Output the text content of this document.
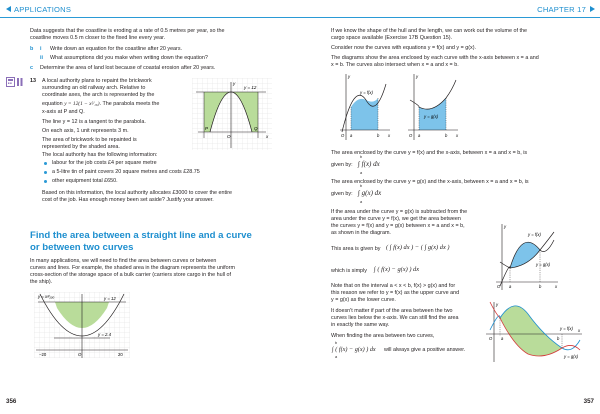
APPLICATIONS	CHAPTER 17

Data suggests that the coastline is eroding at a rate of 0.5 metres per year, so the

coastline moves 0.5 m closer to the fixed line every year.

b i Write down an equation for the coastline after 20 years.

ii What assumptions did you make when writing down the equation?

c Determine the area of land lost because of coastal erosion after 20 years.

13 A local authority plans to repaint the brickwork

surrounding an old railway arch. Relative to

coordinate axes, the arch is represented by the

equation y = 12(1 − x²⁄₁₆). The parabola meets the

x-axis at P and Q.

The line y = 12 is a tangent to the parabola.

On each axis, 1 unit represents 3 m.

The area of brickwork to be repainted is

represented by the shaded area.

The local authority has the following information:

labour for the job costs £4 per square metre

a 5-litre tin of paint covers 20 square metres and costs £28.75

other equipment total £650.

Based on this information, the local authority allocates £3000 to cover the entire

cost of the job. Has enough money been set aside? Justify your answer.

y = 12
P	Q
O	x
y
Find the area between a straight line and a curve
or between two curves

In many applications, we will need to find the area between curves or between

curves and lines. For example, the shaded area in the diagram represents the uniform

cross-section of the storage space of a bulk carrier (carriers store cargo in the hull of

the ship).

y = x²⁄₁₀₀	y = 12
y = 2.4
−20	20
O
356

If we know the shape of the hull and the length, we can work out the volume of the

cargo space available (Exercise 17B Question 15).

Consider now the curves with equations y = f(x) and y = g(x).

The diagrams show the area enclosed by each curve with the x-axis between x = a and

x = b. The curves also intersect when x = a and x = b.

y = f(x)
a	b
O	x
y
y = g(x)
a	b
O	x
y

The area enclosed by the curve y = f(x) and the x-axis, between x = a and x = b, is

given by:

b
∫ f(x) dx
a

The area enclosed by the curve y = g(x) and the x-axis, between x = a and x = b, is

given by:

b
∫ g(x) dx
a

If the area under the curve y = g(x) is subtracted from the

area under the curve y = f(x), we get the area between

the curves y = f(x) and y = g(x) between x = a and x = b,

as shown in the diagram.

This area is given by ( ∫ f(x) dx ) − ( ∫ g(x) dx )

which is simply ∫ ( f(x) − g(x) ) dx
y = f(x)
y = g(x)
a	b
O	x
y

Note that on the interval a < x < b, f(x) > g(x) and for

this reason we refer to y = f(x) as the upper curve and

y = g(x) as the lower curve.

It doesn't matter if part of the area between the two

curves lies below the x-axis. We can still find the area

in exactly the same way.

When finding the area between two curves,

b
∫ ( f(x) − g(x) ) dx
a

will always give a positive answer.

y = f(x)
y = g(x)
a	b
O
x
y
357
